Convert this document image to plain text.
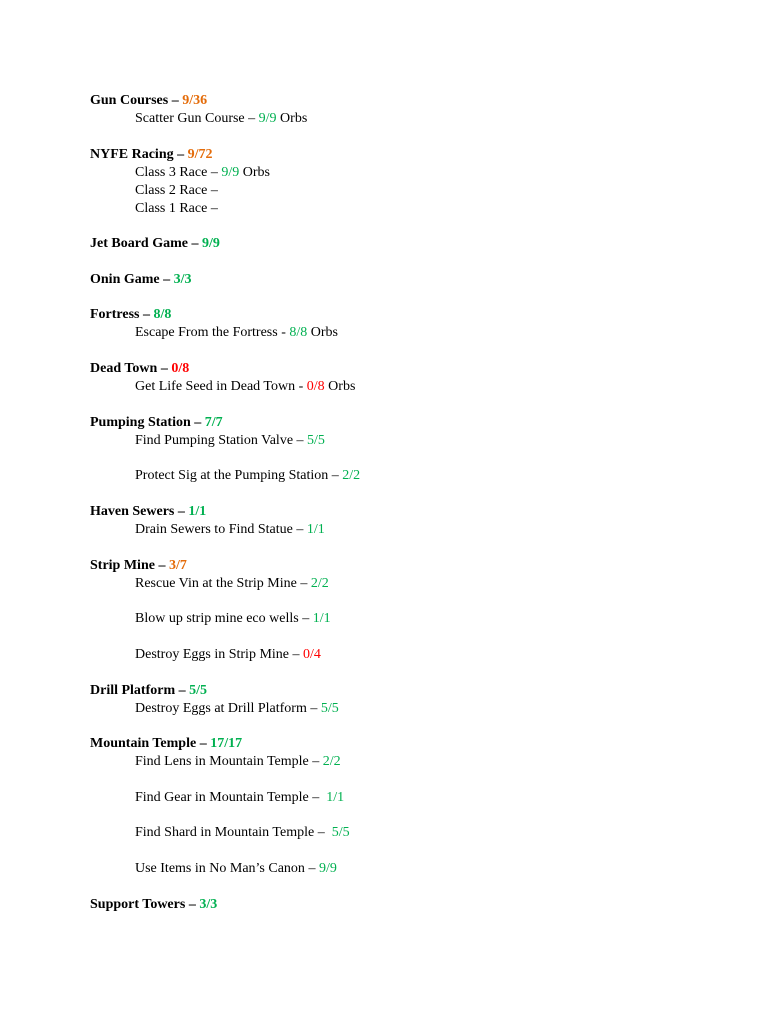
Gun Courses – 9/36
Scatter Gun Course – 9/9 Orbs
NYFE Racing – 9/72
Class 3 Race – 9/9 Orbs
Class 2 Race –
Class 1 Race –
Jet Board Game – 9/9
Onin Game – 3/3
Fortress – 8/8
Escape From the Fortress - 8/8 Orbs
Dead Town – 0/8
Get Life Seed in Dead Town - 0/8 Orbs
Pumping Station – 7/7
Find Pumping Station Valve – 5/5
Protect Sig at the Pumping Station – 2/2
Haven Sewers – 1/1
Drain Sewers to Find Statue – 1/1
Strip Mine – 3/7
Rescue Vin at the Strip Mine – 2/2
Blow up strip mine eco wells – 1/1
Destroy Eggs in Strip Mine – 0/4
Drill Platform – 5/5
Destroy Eggs at Drill Platform – 5/5
Mountain Temple – 17/17
Find Lens in Mountain Temple – 2/2
Find Gear in Mountain Temple –  1/1
Find Shard in Mountain Temple –  5/5
Use Items in No Man’s Canon – 9/9
Support Towers – 3/3
